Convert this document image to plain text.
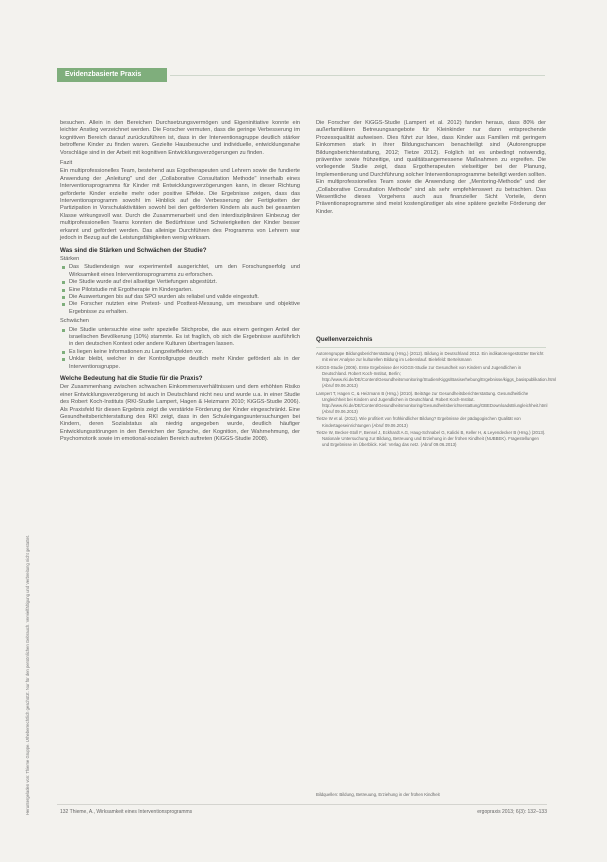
Evidenzbasierte Praxis
Heruntergeladen von: Thieme Gruppe. Urheberrechtlich geschützt. Nur für den persönlichen Gebrauch. Vervielfältigung und Verbreitung nicht gestattet.

besuchen. Allein in den Bereichen Durchsetzungsvermögen und Eigeninitiative konnte ein leichter Anstieg verzeichnet werden. Die Forscher vermuten, dass die geringe Verbesserung im kognitiven Bereich darauf zurückzuführen ist, dass in der Interventionsgruppe deutlich stärker betroffene Kinder zu finden waren. Gezielte Hausbesuche und individuelle, entwicklungsnahe Vorschläge sind in der Arbeit mit kognitiven Entwicklungsverzögerungen zu finden.

Fazit

Ein multiprofessionelles Team, bestehend aus Ergotherapeuten und Lehrern sowie die fundierte Anwendung der „Anleitung" und der „Collaborative Consultation Methode" innerhalb eines Interventionsprogramms für Kinder mit Entwicklungsverzögerungen kann, in dieser Richtung geförderte Kinder erzielte mehr oder positive Effekte. Die Ergebnisse zeigen, dass das Interventionsprogramm sowohl im Hinblick auf die Verbesserung der Fertigkeiten der Partizipation in Vorschulaktivitäten sowohl bei den geförderten Kindern als auch bei gesamten Klasse wirkungsvoll war. Durch die Zusammenarbeit und den interdisziplinären Einbezug der multiprofessionellen Teams konnten die Bedürfnisse und Schwierigkeiten der Kinder besser erkannt und gefördert werden. Das alleinige Durchführen des Programms von Lehrern war jedoch in Bezug auf die Leistungsfähigkeiten wenig wirksam.

Was sind die Stärken und Schwächen der Studie?
Stärken
Das Studiendesign war experimentell ausgerichtet, um den Forschungserfolg und Wirksamkeit eines Interventionsprogramms zu erforschen.
Die Studie wurde auf drei allseitige Vertiefungen abgestützt.
Eine Pilotstudie mit Ergotherapie im Kindergarten.
Die Auswertungen bis auf das SPO wurden als reliabel und valide eingestuft.
Die Forscher nutzten eine Pretest- und Posttest-Messung, um messbare und objektive Ergebnisse zu erhalten.
Schwächen
Die Studie untersuchte eine sehr spezielle Stichprobe, die aus einem geringen Anteil der israelischen Bevölkerung (10%) stammte. Es ist fraglich, ob sich die Ergebnisse ausführlich in den deutschen Kontext oder andere Kulturen übertragen lassen.
Es liegen keine Informationen zu Langzeiteffekten vor.
Unklar bleibt, welcher in der Kontrollgruppe deutlich mehr Kinder gefördert als in der Interventionsgruppe.
Welche Bedeutung hat die Studie für die Praxis?

Der Zusammenhang zwischen schwachen Einkommensverhältnissen und dem erhöhten Risiko einer Entwicklungsverzögerung ist auch in Deutschland nicht neu und wurde u.a. in einer Studie des Robert Koch-Instituts (RKI-Studie Lampert, Hagen & Heizmann 2010; KiGGS-Studie 2006). Als Praxisfeld für diesen Ergebnis zeigt die verstärkte Förderung der Kinder eingeschränkt. Eine Gesundheitsberichterstattung des RKI zeigt, dass in den Schuleingangsuntersuchungen bei Kindern, deren Sozialstatus als niedrig angegeben wurde, deutlich häufiger Entwicklungsstörungen in den Bereichen der Sprache, der Kognition, der Wahrnehmung, der Psychomotorik sowie im emotional-sozialen Bereich auftreten (KiGGS-Studie 2008).

Die Forscher der KiGGS-Studie (Lampert et al. 2012) fanden heraus, dass 80% der außerfamiliären Betreuungsangebote für Kleinkinder nur dann entsprechende Prozessqualität aufweisen. Dies führt zur Idee, dass Kinder aus Familien mit geringem Einkommen stark in ihrer Bildungschancen benachteiligt sind (Autorengruppe Bildungsberichterstattung, 2012; Tietze 2012). Folglich ist es unbedingt notwendig, präventive sowie frühzeitige, und qualitätsangemessene Maßnahmen zu ergreifen. Die vorliegende Studie zeigt, dass Ergotherapeuten vielseitiger bei der Planung, Implementierung und Durchführung solcher Interventionsprogramme beteiligt werden sollten. Ein multiprofessionelles Team sowie die Anwendung der „Mentoring-Methode" und der „Collaborative Consultation Methode" sind als sehr empfehlenswert zu betrachten. Das Wesentliche dieses Vorgehens auch aus finanzieller Sicht Vorteile, denn Präventionsprogramme sind meist kostengünstiger als eine spätere gezielte Förderung der Kinder.

Quellenverzeichnis
Autorengruppe Bildungsberichterstattung (Hrsg.) (2012). Bildung in Deutschland 2012. Ein indikatorengestützter Bericht mit einer Analyse zur kulturellen Bildung im Lebenslauf. Bielefeld: Bertelsmann
KiGGS-Studie (2006). Erste Ergebnisse der KiGGS-Studie zur Gesundheit von Kindern und Jugendlichen in Deutschland. Robert Koch-Institut, Berlin; http://www.rki.de/DE/Content/Gesundheitsmonitoring/Studien/Kiggs/Basiserhebung/Ergebnisse/kiggs_basispublikation.html (Abruf 09.06.2013)
Lampert T, Hagen C, & Heizmann B (Hrsg.) (2010). Beiträge zur Gesundheitsberichterstattung. Gesundheitliche Ungleichheit bei Kindern und Jugendlichen in Deutschland. Robert Koch-Institut. http://www.rki.de/DE/Content/Gesundheitsmonitoring/Gesundheitsberichterstattung/GBEDownloadsB/ungleichheit.html (Abruf 09.06.2013)
Tietze W et al. (2012). Wie profitiert von frühkindlicher Bildung? Ergebnisse der pädagogischen Qualität von Kindertageseinrichtungen (Abruf 09.06.2013)
Tietze W, Becker-Stoll F, Bensel J, Eckhardt A.G, Haug-Schnabel G, Kalicki B, Keller H, & Leyendecker B (Hrsg.) (2013). Nationale Untersuchung zur Bildung, Betreuung und Erziehung in der frühen Kindheit (NUBBEK). Fragestellungen und Ergebnisse im Überblick. Kiel: Verlag das netz. (Abruf 09.06.2013)
Bildquellen: Bildung, Betreuung, Erziehung in der frühen Kindheit
132 Thieme, A., Wirksamkeit eines Interventionsprogramms	ergopraxis 2013; 6(3): 132–133
